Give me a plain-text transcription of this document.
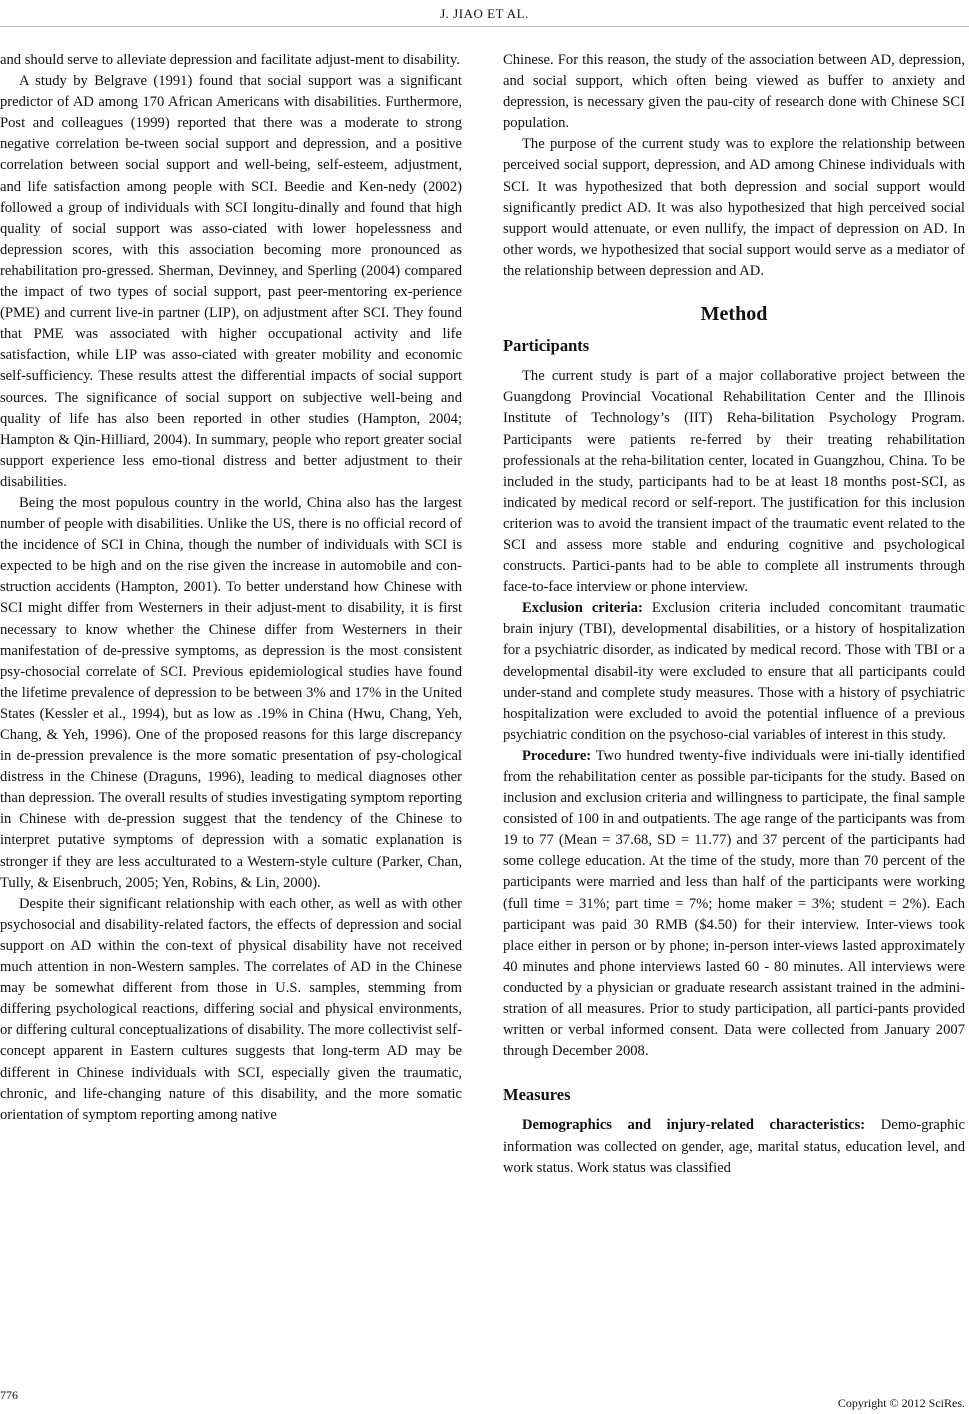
J. JIAO ET AL.

and should serve to alleviate depression and facilitate adjust-ment to disability.

A study by Belgrave (1991) found that social support was a significant predictor of AD among 170 African Americans with disabilities. Furthermore, Post and colleagues (1999) reported that there was a moderate to strong negative correlation be-tween social support and depression, and a positive correlation between social support and well-being, self-esteem, adjustment, and life satisfaction among people with SCI. Beedie and Ken-nedy (2002) followed a group of individuals with SCI longitu-dinally and found that high quality of social support was asso-ciated with lower hopelessness and depression scores, with this association becoming more pronounced as rehabilitation pro-gressed. Sherman, Devinney, and Sperling (2004) compared the impact of two types of social support, past peer-mentoring ex-perience (PME) and current live-in partner (LIP), on adjustment after SCI. They found that PME was associated with higher occupational activity and life satisfaction, while LIP was asso-ciated with greater mobility and economic self-sufficiency. These results attest the differential impacts of social support sources. The significance of social support on subjective well-being and quality of life has also been reported in other studies (Hampton, 2004; Hampton & Qin-Hilliard, 2004). In summary, people who report greater social support experience less emo-tional distress and better adjustment to their disabilities.

Being the most populous country in the world, China also has the largest number of people with disabilities. Unlike the US, there is no official record of the incidence of SCI in China, though the number of individuals with SCI is expected to be high and on the rise given the increase in automobile and con-struction accidents (Hampton, 2001). To better understand how Chinese with SCI might differ from Westerners in their adjust-ment to disability, it is first necessary to know whether the Chinese differ from Westerners in their manifestation of de-pressive symptoms, as depression is the most consistent psy-chosocial correlate of SCI. Previous epidemiological studies have found the lifetime prevalence of depression to be between 3% and 17% in the United States (Kessler et al., 1994), but as low as .19% in China (Hwu, Chang, Yeh, Chang, & Yeh, 1996). One of the proposed reasons for this large discrepancy in de-pression prevalence is the more somatic presentation of psy-chological distress in the Chinese (Draguns, 1996), leading to medical diagnoses other than depression. The overall results of studies investigating symptom reporting in Chinese with de-pression suggest that the tendency of the Chinese to interpret putative symptoms of depression with a somatic explanation is stronger if they are less acculturated to a Western-style culture (Parker, Chan, Tully, & Eisenbruch, 2005; Yen, Robins, & Lin, 2000).

Despite their significant relationship with each other, as well as with other psychosocial and disability-related factors, the effects of depression and social support on AD within the con-text of physical disability have not received much attention in non-Western samples. The correlates of AD in the Chinese may be somewhat different from those in U.S. samples, stemming from differing psychological reactions, differing social and physical environments, or differing cultural conceptualizations of disability. The more collectivist self-concept apparent in Eastern cultures suggests that long-term AD may be different in Chinese individuals with SCI, especially given the traumatic, chronic, and life-changing nature of this disability, and the more somatic orientation of symptom reporting among native

Chinese. For this reason, the study of the association between AD, depression, and social support, which often being viewed as buffer to anxiety and depression, is necessary given the pau-city of research done with Chinese SCI population.

The purpose of the current study was to explore the relationship between perceived social support, depression, and AD among Chinese individuals with SCI. It was hypothesized that both depression and social support would significantly predict AD. It was also hypothesized that high perceived social support would attenuate, or even nullify, the impact of depression on AD. In other words, we hypothesized that social support would serve as a mediator of the relationship between depression and AD.

Method
Participants

The current study is part of a major collaborative project between the Guangdong Provincial Vocational Rehabilitation Center and the Illinois Institute of Technology’s (IIT) Reha-bilitation Psychology Program. Participants were patients re-ferred by their treating rehabilitation professionals at the reha-bilitation center, located in Guangzhou, China. To be included in the study, participants had to be at least 18 months post-SCI, as indicated by medical record or self-report. The justification for this inclusion criterion was to avoid the transient impact of the traumatic event related to the SCI and assess more stable and enduring cognitive and psychological constructs. Partici-pants had to be able to complete all instruments through face-to-face interview or phone interview.

Exclusion criteria: Exclusion criteria included concomitant traumatic brain injury (TBI), developmental disabilities, or a history of hospitalization for a psychiatric disorder, as indicated by medical record. Those with TBI or a developmental disabil-ity were excluded to ensure that all participants could under-stand and complete study measures. Those with a history of psychiatric hospitalization were excluded to avoid the potential influence of a previous psychiatric condition on the psychoso-cial variables of interest in this study.

Procedure: Two hundred twenty-five individuals were ini-tially identified from the rehabilitation center as possible par-ticipants for the study. Based on inclusion and exclusion criteria and willingness to participate, the final sample consisted of 100 in and outpatients. The age range of the participants was from 19 to 77 (Mean = 37.68, SD = 11.77) and 37 percent of the participants had some college education. At the time of the study, more than 70 percent of the participants were married and less than half of the participants were working (full time = 31%; part time = 7%; home maker = 3%; student = 2%). Each participant was paid 30 RMB ($4.50) for their interview. Inter-views took place either in person or by phone; in-person inter-views lasted approximately 40 minutes and phone interviews lasted 60 - 80 minutes. All interviews were conducted by a physician or graduate research assistant trained in the admini-stration of all measures. Prior to study participation, all partici-pants provided written or verbal informed consent. Data were collected from January 2007 through December 2008.

Measures

Demographics and injury-related characteristics: Demo-graphic information was collected on gender, age, marital status, education level, and work status. Work status was classified

776
Copyright © 2012 SciRes.
